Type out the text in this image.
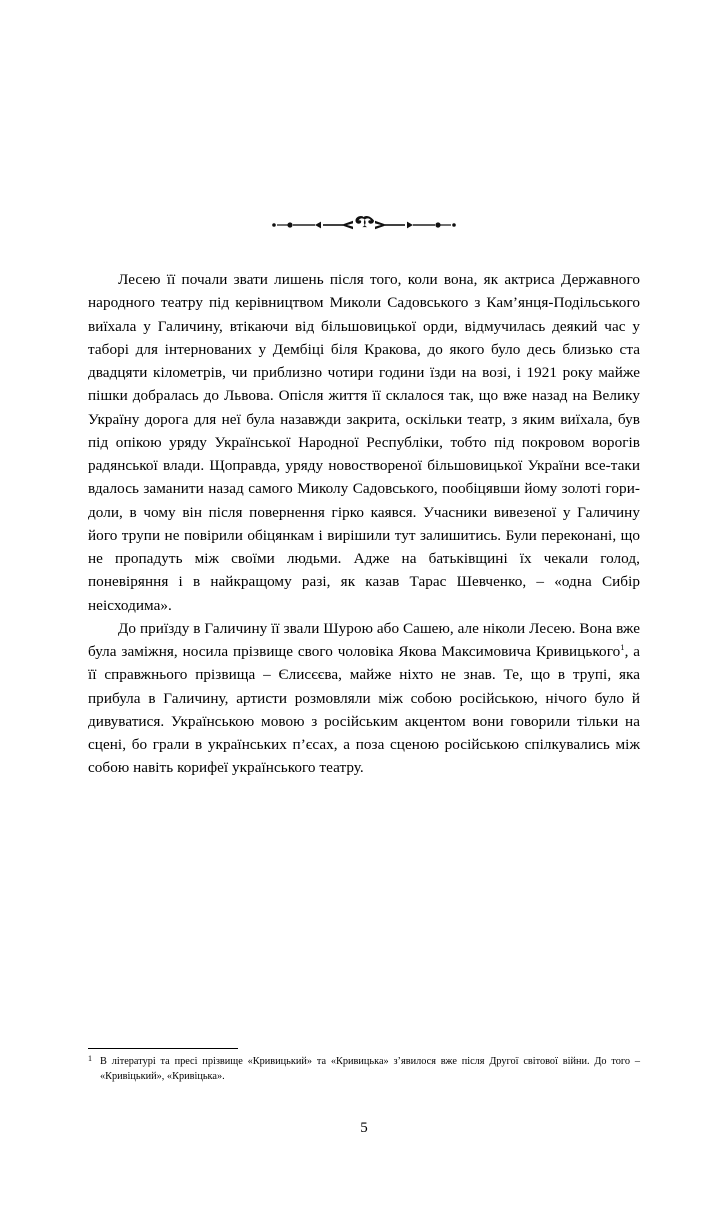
Лесею її почали звати лишень після того, коли вона, як актриса Державного народного театру під керівництвом Миколи Садовського з Кам’янця-Подільського виїхала у Галичину, втікаючи від більшовицької орди, відмучилась деякий час у таборі для інтернованих у Дембіці біля Кракова, до якого було десь близько ста двадцяти кілометрів, чи приблизно чотири години їзди на возі, і 1921 року майже пішки добралась до Львова. Опісля життя її склалося так, що вже назад на Велику Україну дорога для неї була назавжди закрита, оскільки театр, з яким виїхала, був під опікою уряду Української Народної Республіки, тобто під покровом ворогів радянської влади. Щоправда, уряду новоствореної більшовицької України все-таки вдалось заманити назад самого Миколу Садовського, пообіцявши йому золоті гори-доли, в чому він після повернення гірко каявся. Учасники вивезеної у Галичину його трупи не повірили обіцянкам і вирішили тут залишитись. Були переконані, що не пропадуть між своїми людьми. Адже на батьківщині їх чекали голод, поневіряння і в найкращому разі, як казав Тарас Шевченко, – «одна Сибір неісходима».

До приїзду в Галичину її звали Шурою або Сашею, але ніколи Лесею. Вона вже була заміжня, носила прізвище свого чоловіка Якова Максимовича Кривицького$^1$, а її справжнього прізвища – Єлисєєва, майже ніхто не знав. Те, що в трупі, яка прибула в Галичину, артисти розмовляли між собою російською, нічого було й дивуватися. Українською мовою з російським акцентом вони говорили тільки на сцені, бо грали в українських п’єсах, а поза сценою російською спілкувались між собою навіть корифеї українського театру.

1 В літературі та пресі прізвище «Кривицький» та «Кривицька» з’явилося вже після Другої світової війни. До того – «Кривіцький», «Кривіцька».
5
